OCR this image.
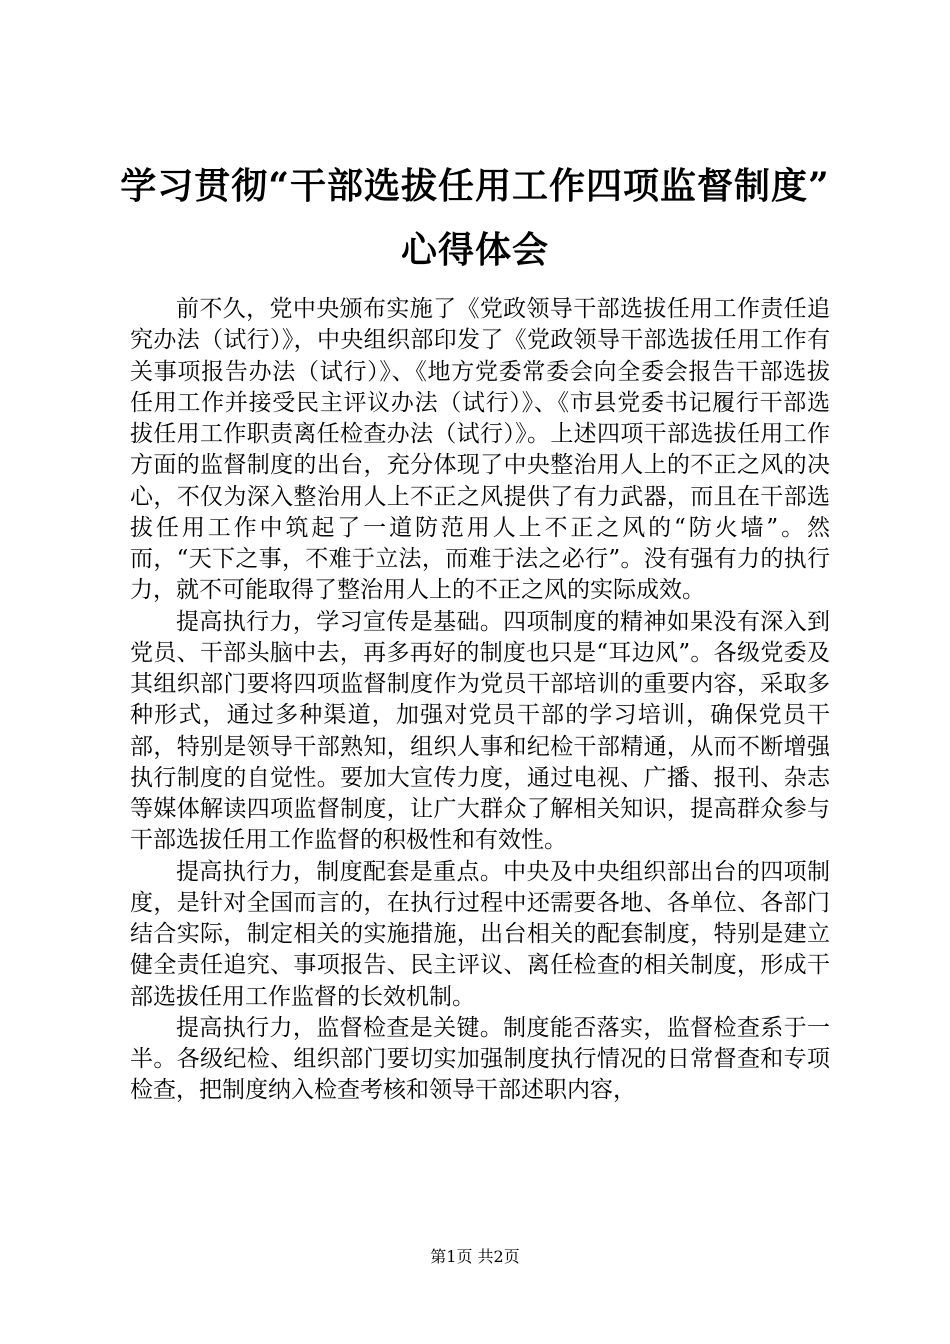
学习贯彻“干部选拔任用工作四项监督制度”
心得体会

前不久，党中央颁布实施了《党政领导干部选拔任用工作责任追究办法（试行）》，中央组织部印发了《党政领导干部选拔任用工作有关事项报告办法（试行）》、《地方党委常委会向全委会报告干部选拔任用工作并接受民主评议办法（试行）》、《市县党委书记履行干部选拔任用工作职责离任检查办法（试行）》。上述四项干部选拔任用工作方面的监督制度的出台，充分体现了中央整治用人上的不正之风的决心，不仅为深入整治用人上不正之风提供了有力武器，而且在干部选拔任用工作中筑起了一道防范用人上不正之风的“防火墙”。然而，“天下之事，不难于立法，而难于法之必行”。没有强有力的执行力，就不可能取得了整治用人上的不正之风的实际成效。

提高执行力，学习宣传是基础。四项制度的精神如果没有深入到党员、干部头脑中去，再多再好的制度也只是“耳边风”。各级党委及其组织部门要将四项监督制度作为党员干部培训的重要内容，采取多种形式，通过多种渠道，加强对党员干部的学习培训，确保党员干部，特别是领导干部熟知，组织人事和纪检干部精通，从而不断增强执行制度的自觉性。要加大宣传力度，通过电视、广播、报刊、杂志等媒体解读四项监督制度，让广大群众了解相关知识，提高群众参与干部选拔任用工作监督的积极性和有效性。

提高执行力，制度配套是重点。中央及中央组织部出台的四项制度，是针对全国而言的，在执行过程中还需要各地、各单位、各部门结合实际，制定相关的实施措施，出台相关的配套制度，特别是建立健全责任追究、事项报告、民主评议、离任检查的相关制度，形成干部选拔任用工作监督的长效机制。

提高执行力，监督检查是关键。制度能否落实，监督检查系于一半。各级纪检、组织部门要切实加强制度执行情况的日常督查和专项检查，把制度纳入检查考核和领导干部述职内容，

第1页 共2页
